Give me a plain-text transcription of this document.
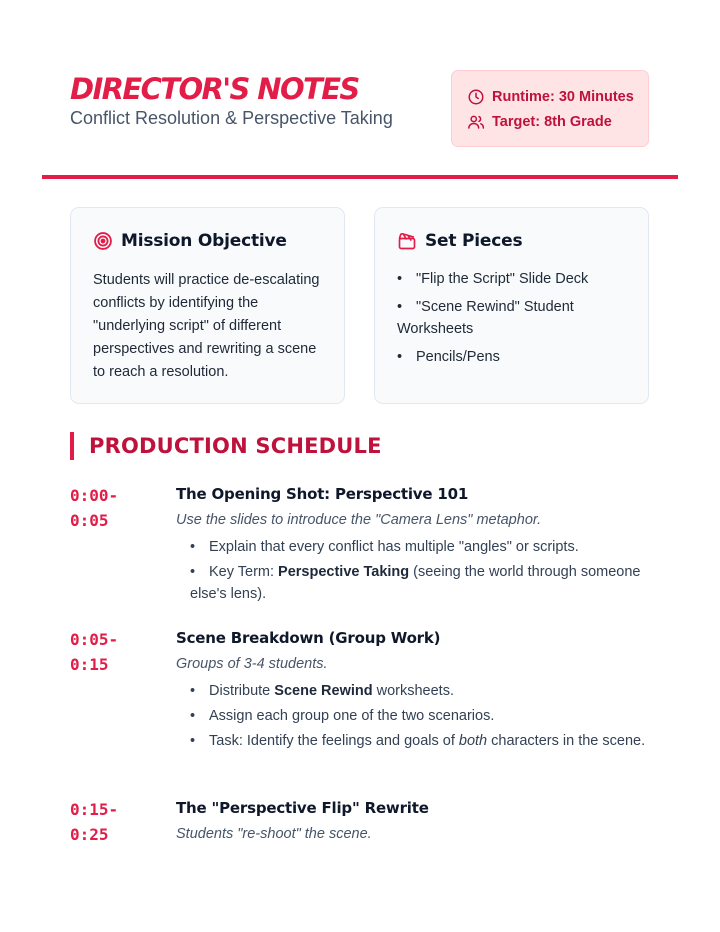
DIRECTOR'S NOTES
Conflict Resolution & Perspective Taking
Runtime: 30 Minutes
Target: 8th Grade
Mission Objective
Students will practice de-escalating conflicts by identifying the "underlying script" of different perspectives and rewriting a scene to reach a resolution.
Set Pieces
• "Flip the Script" Slide Deck
• "Scene Rewind" Student Worksheets
• Pencils/Pens
PRODUCTION SCHEDULE
0:00-
0:05
The Opening Shot: Perspective 101
Use the slides to introduce the "Camera Lens" metaphor.
• Explain that every conflict has multiple "angles" or scripts.
• Key Term: Perspective Taking (seeing the world through someone else's lens).
0:05-
0:15
Scene Breakdown (Group Work)
Groups of 3-4 students.
• Distribute Scene Rewind worksheets.
• Assign each group one of the two scenarios.
• Task: Identify the feelings and goals of both characters in the scene.
0:15-
0:25
The "Perspective Flip" Rewrite
Students "re-shoot" the scene.
